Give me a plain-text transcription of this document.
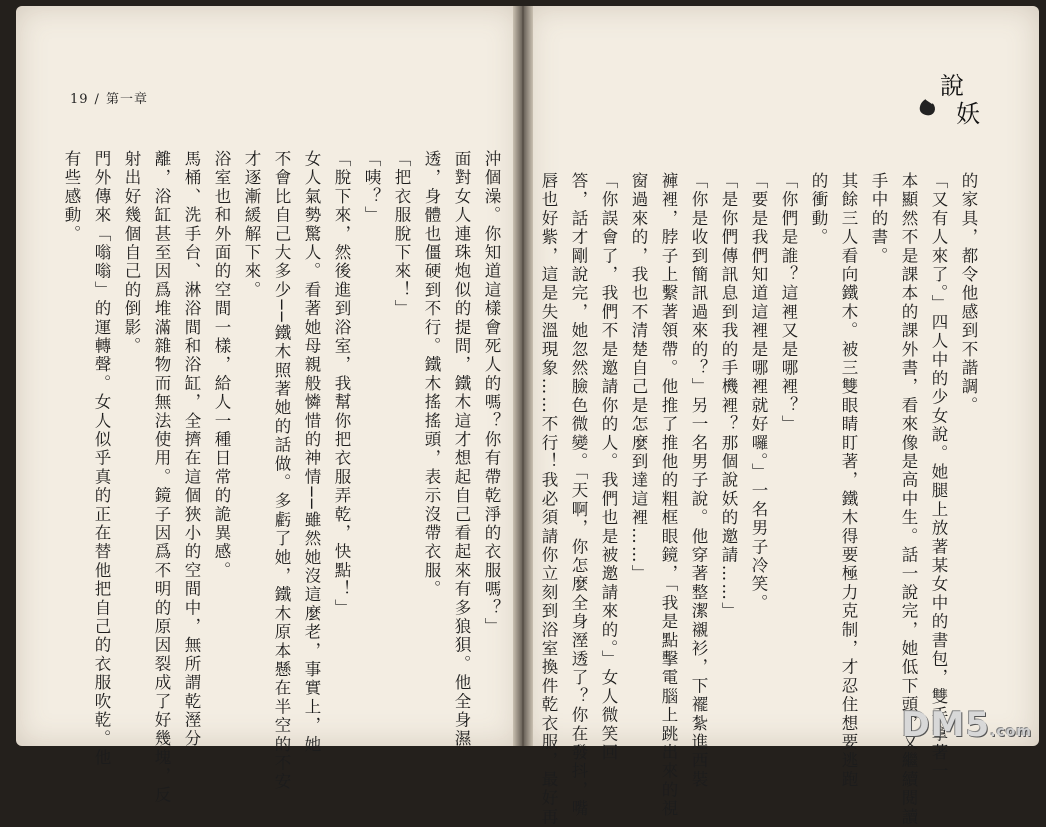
19 / 第一章

沖個澡。你知道這樣會死人的嗎？你有帶乾淨的衣服嗎？」

面對女人連珠炮似的提問，鐵木這才想起自己看起來有多狼狽。他全身濕

透，身體也僵硬到不行。鐵木搖搖頭，表示沒帶衣服。

「把衣服脫下來！」

「咦？」

「脫下來，然後進到浴室，我幫你把衣服弄乾，快點！」

女人氣勢驚人。看著她母親般憐惜的神情──雖然她沒這麼老，事實上，她

不會比自己大多少──鐵木照著她的話做。多虧了她，鐵木原本懸在半空的不安

才逐漸緩解下來。

浴室也和外面的空間一樣，給人一種日常的詭異感。

馬桶、洗手台、淋浴間和浴缸，全擠在這個狹小的空間中，無所謂乾溼分

離，浴缸甚至因爲堆滿雜物而無法使用。鏡子因爲不明的原因裂成了好幾塊，反

射出好幾個自己的倒影。

門外傳來「嗡嗡」的運轉聲。女人似乎真的正在替他把自己的衣服吹乾。他

有些感動。

說
妖

的家具，都令他感到不諧調。

「又有人來了。」四人中的少女說。她腿上放著某女中的書包，雙手拿著一

本顯然不是課本的課外書，看來像是高中生。話一說完，她低下頭，又繼續閱讀

手中的書。

其餘三人看向鐵木。被三雙眼睛盯著，鐵木得要極力克制，才忍住想要逃跑

的衝動。

「你們是誰？這裡又是哪裡？」

「要是我們知道這裡是哪裡就好囉。」一名男子冷笑。

「是你們傳訊息到我的手機裡？那個說妖的邀請……」

「你是收到簡訊過來的？」另一名男子說。他穿著整潔襯衫，下襬紮進西裝

褲裡，脖子上繫著領帶。他推了推他的粗框眼鏡，「我是點擊電腦上跳出來的視

窗過來的，我也不清楚自己是怎麼到達這裡……」

「你誤會了，我們不是邀請你的人。我們也是被邀請來的。」女人微笑回

答，話才剛說完，她忽然臉色微變。「天啊，你怎麼全身溼透了？你在發抖，嘴

唇也好紫，這是失溫現象……不行！我必須請你立刻到浴室換件乾衣服，最好再	DM5.com
